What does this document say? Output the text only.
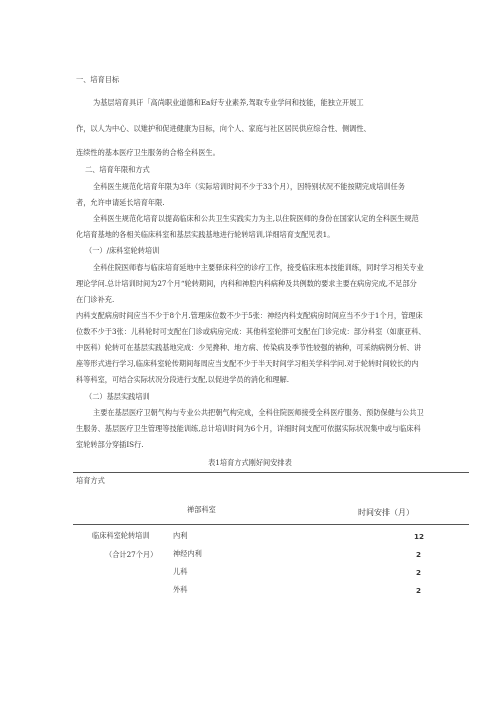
一、培育目标
为基层培育具讦「高尚职业道德和Ea好专业素养,驾取专业学问和技能，能独立开展工
作，以人为中心、以雉护和促进健康为目标，向个人、家庭与社区居民供应综合性、侧调性、
连续性的基本医疗卫生服务的合格全科医生。
二、培育年限和方式
全科医生规范化培育年限为3年（实际培训时间不少于33个月），因特别状况不能按期完成培训任务
者，允许申请延长培育年限.
全科医生规范化培育以提高临床和公共卫生实践实力为主,以住院医师的身份在国家认定的全科医生规范
化培育基地的各相关临床科室和基层实践基地进行轮转培训,详细培育支配见表1。
（一）/床科室轮转培训
全科住院医师春与临床培育延地中主要驿床科空的诊疗工作，接受临床班本技能训练，同时学习相关专业
理论学问.总计培训时间为27个月“轮转期间，内科和神腔内科病种及共例数的要求主要在病房完成,不足部分
在门诊补充.
内科支配病房时间应当不少于8个月.管理床位数不少于5张：神经内科支配病房时间应当不少于1个月，管理床
位数不少于3张：儿科轮时可支配在门诊或病房完成：其他科室轮胖可支配在门诊完成：部分科室（如康亚科、
中医科）轮转可在基层实践基地完成：少见搀种、地方病、传染病及季节性较强的衲种，可采纳病例分析、讲
座等形式进行学习,临床科室轮传期间每周应当支配不少于半天时间学习相关学科学问.对于轮转时间较长的内
科等科室，可结合实际状况分段进行支配,以促进学员的消化和理解.
（二）基层实践培训
主要在基层医疗卫朝气构与专业公共把朝气构完成，全科住院医师接受全科医疗服务、预防保健与公共卫
生服务、基层医疗卫生管理等技能训练,总计培训时间为6个月，详细时间支配可依据实际状况集中或与临床科
室轮转部分穿插IS行.
表1培育方式刚好间安排表
培育方式
禅部科室	时间安排（月）
临床科室轮转培训
（合计27个月）
内利	12
神经内利	2
儿科	2
外科	2
